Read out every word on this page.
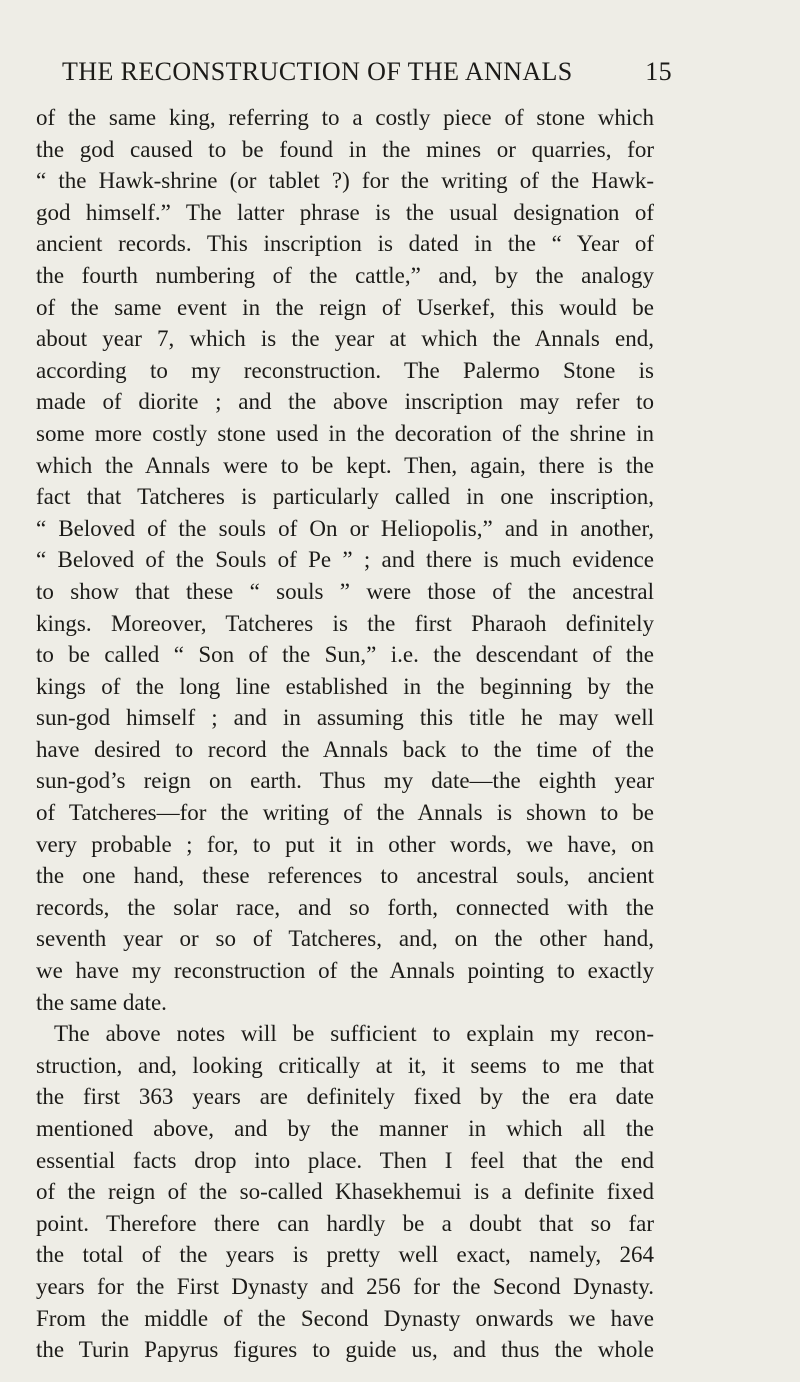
THE RECONSTRUCTION OF THE ANNALS	15
of the same king, referring to a costly piece of stone which
the god caused to be found in the mines or quarries, for
“ the Hawk-shrine (or tablet ?) for the writing of the Hawk-
god himself.” The latter phrase is the usual designation of
ancient records. This inscription is dated in the “ Year of
the fourth numbering of the cattle,” and, by the analogy
of the same event in the reign of Userkef, this would be
about year 7, which is the year at which the Annals end,
according to my reconstruction. The Palermo Stone is
made of diorite ; and the above inscription may refer to
some more costly stone used in the decoration of the shrine in
which the Annals were to be kept. Then, again, there is the
fact that Tatcheres is particularly called in one inscription,
“ Beloved of the souls of On or Heliopolis,” and in another,
“ Beloved of the Souls of Pe ” ; and there is much evidence
to show that these “ souls ” were those of the ancestral
kings. Moreover, Tatcheres is the first Pharaoh definitely
to be called “ Son of the Sun,” i.e. the descendant of the
kings of the long line established in the beginning by the
sun-god himself ; and in assuming this title he may well
have desired to record the Annals back to the time of the
sun-god’s reign on earth. Thus my date—the eighth year
of Tatcheres—for the writing of the Annals is shown to be
very probable ; for, to put it in other words, we have, on
the one hand, these references to ancestral souls, ancient
records, the solar race, and so forth, connected with the
seventh year or so of Tatcheres, and, on the other hand,
we have my reconstruction of the Annals pointing to exactly
the same date.
The above notes will be sufficient to explain my recon-
struction, and, looking critically at it, it seems to me that
the first 363 years are definitely fixed by the era date
mentioned above, and by the manner in which all the
essential facts drop into place. Then I feel that the end
of the reign of the so-called Khasekhemui is a definite fixed
point. Therefore there can hardly be a doubt that so far
the total of the years is pretty well exact, namely, 264
years for the First Dynasty and 256 for the Second Dynasty.
From the middle of the Second Dynasty onwards we have
the Turin Papyrus figures to guide us, and thus the whole
